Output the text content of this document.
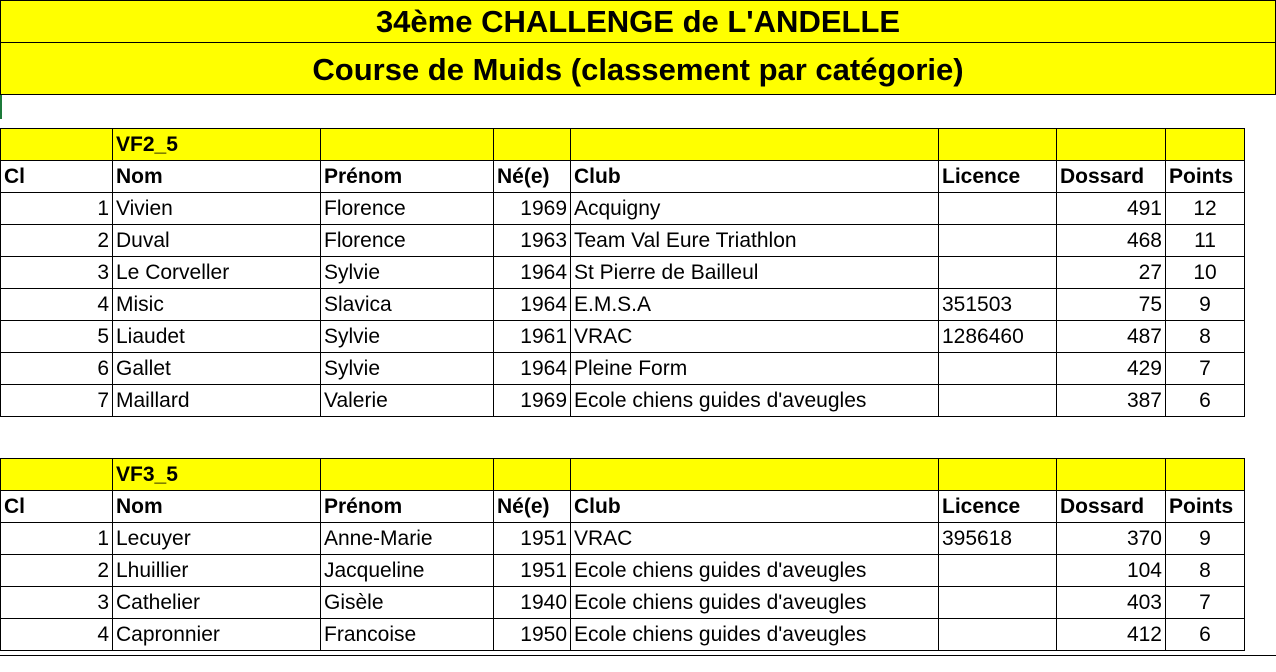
34ème CHALLENGE de L'ANDELLE
Course de Muids (classement par catégorie)
	VF2_5						
Cl	Nom	Prénom	Né(e)	Club	Licence	Dossard	Points
1	Vivien	Florence	1969	Acquigny		491	12
2	Duval	Florence	1963	Team Val Eure Triathlon		468	11
3	Le Corveller	Sylvie	1964	St Pierre de Bailleul		27	10
4	Misic	Slavica	1964	E.M.S.A	351503	75	9
5	Liaudet	Sylvie	1961	VRAC	1286460	487	8
6	Gallet	Sylvie	1964	Pleine Form		429	7
7	Maillard	Valerie	1969	Ecole chiens guides d'aveugles		387	6
	VF3_5						
Cl	Nom	Prénom	Né(e)	Club	Licence	Dossard	Points
1	Lecuyer	Anne-Marie	1951	VRAC	395618	370	9
2	Lhuillier	Jacqueline	1951	Ecole chiens guides d'aveugles		104	8
3	Cathelier	Gisèle	1940	Ecole chiens guides d'aveugles		403	7
4	Capronnier	Francoise	1950	Ecole chiens guides d'aveugles		412	6
